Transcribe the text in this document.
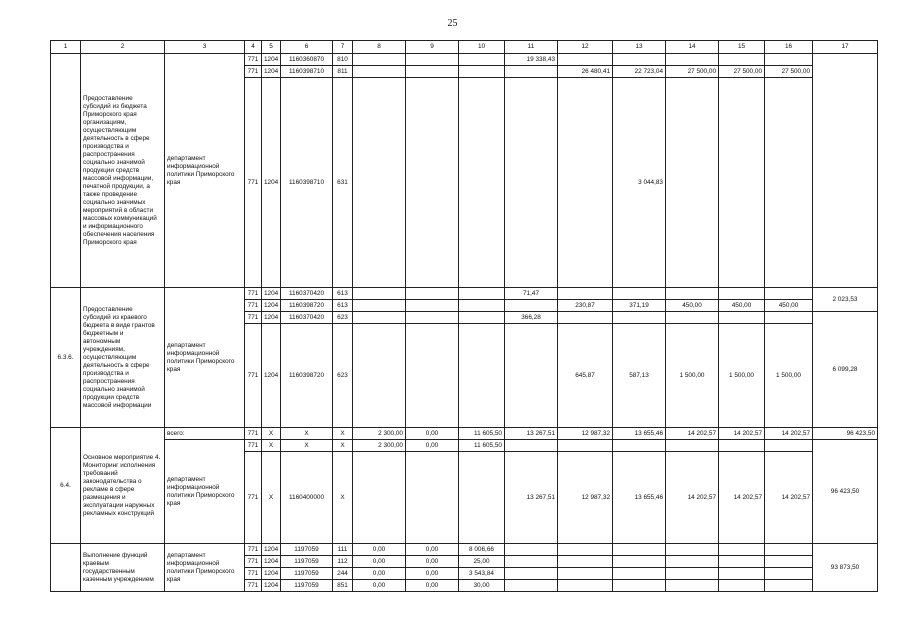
25
1	2	3	4	5	6	7	8	9	10	11	12	13	14	15	16	17
	Предоставление субсидий из бюджета Приморского края организациям, осуществляющим деятельность в сфере производства и распространения социально значимой продукции средств массовой информации, печатной продукции, а также проведение социально значимых мероприятий в области массовых коммуникаций и информационного обеспечения населения Приморского края	департамент информационной политики Приморского края	771	1204	1160360870	810				19 338,43						
			771	1204	1160398710	811					26 480,41	22 723,04	27 500,00	27 500,00	27 500,00	
			771	1204	1160398710	631						3 044,83				
6.3.6.	Предоставление субсидий из краевого бюджета в виде грантов бюджетным и автономным учреждениям, осуществляющим деятельность в сфере производства и распространения социально значимой продукции средств массовой информации	департамент информационной политики Приморского края	771	1204	1160370420	613				71,47						2 023,53
			771	1204	1160398720	613					230,87	371,19	450,00	450,00	450,00	
			771	1204	1160370420	623				366,28						6 099,28
			771	1204	1160398720	623					645,87	587,13	1 500,00	1 500,00	1 500,00	
6.4.	Основное мероприятие 4. Мониторинг исполнения требований законодательства о рекламе в сфере размещения и эксплуатации наружных рекламных конструкций	всего:	771	X	X	X	2 300,00	0,00	11 605,50	13 267,51	12 987,32	13 655,46	14 202,57	14 202,57	14 202,57	96 423,50
		департамент информационной политики Приморского края	771	X	X	X	2 300,00	0,00	11 605,50							96 423,50
			771	X	1160400000	X				13 267,51	12 987,32	13 655,46	14 202,57	14 202,57	14 202,57	
	Выполнение функций краевым государственным казенным учреждением	департамент информационной политики Приморского края	771	1204	1197059	111	0,00	0,00	8 006,66							93 873,50
			771	1204	1197059	112	0,00	0,00	25,00							
			771	1204	1197059	244	0,00	0,00	3 543,84							
			771	1204	1197059	851	0,00	0,00	30,00							
